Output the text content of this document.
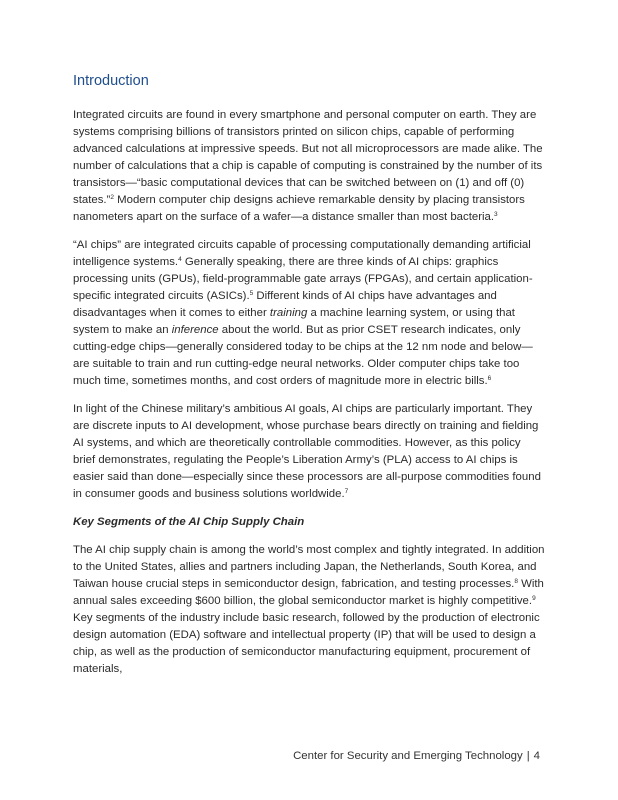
Introduction

Integrated circuits are found in every smartphone and personal computer on earth. They are systems comprising billions of transistors printed on silicon chips, capable of performing advanced calculations at impressive speeds. But not all microprocessors are made alike. The number of calculations that a chip is capable of computing is constrained by the number of its transistors—“basic computational devices that can be switched between on (1) and off (0) states.”$^2$ Modern computer chip designs achieve remarkable density by placing transistors nanometers apart on the surface of a wafer—a distance smaller than most bacteria.$^3$

“AI chips” are integrated circuits capable of processing computationally demanding artificial intelligence systems.$^4$ Generally speaking, there are three kinds of AI chips: graphics processing units (GPUs), field-programmable gate arrays (FPGAs), and certain application-specific integrated circuits (ASICs).$^5$ Different kinds of AI chips have advantages and disadvantages when it comes to either training a machine learning system, or using that system to make an inference about the world. But as prior CSET research indicates, only cutting-edge chips—generally considered today to be chips at the 12 nm node and below—are suitable to train and run cutting-edge neural networks. Older computer chips take too much time, sometimes months, and cost orders of magnitude more in electric bills.$^6$

In light of the Chinese military’s ambitious AI goals, AI chips are particularly important. They are discrete inputs to AI development, whose purchase bears directly on training and fielding AI systems, and which are theoretically controllable commodities. However, as this policy brief demonstrates, regulating the People’s Liberation Army’s (PLA) access to AI chips is easier said than done—especially since these processors are all-purpose commodities found in consumer goods and business solutions worldwide.$^7$

Key Segments of the AI Chip Supply Chain

The AI chip supply chain is among the world’s most complex and tightly integrated. In addition to the United States, allies and partners including Japan, the Netherlands, South Korea, and Taiwan house crucial steps in semiconductor design, fabrication, and testing processes.$^8$ With annual sales exceeding $600 billion, the global semiconductor market is highly competitive.$^9$ Key segments of the industry include basic research, followed by the production of electronic design automation (EDA) software and intellectual property (IP) that will be used to design a chip, as well as the production of semiconductor manufacturing equipment, procurement of materials,

Center for Security and Emerging Technology | 4
